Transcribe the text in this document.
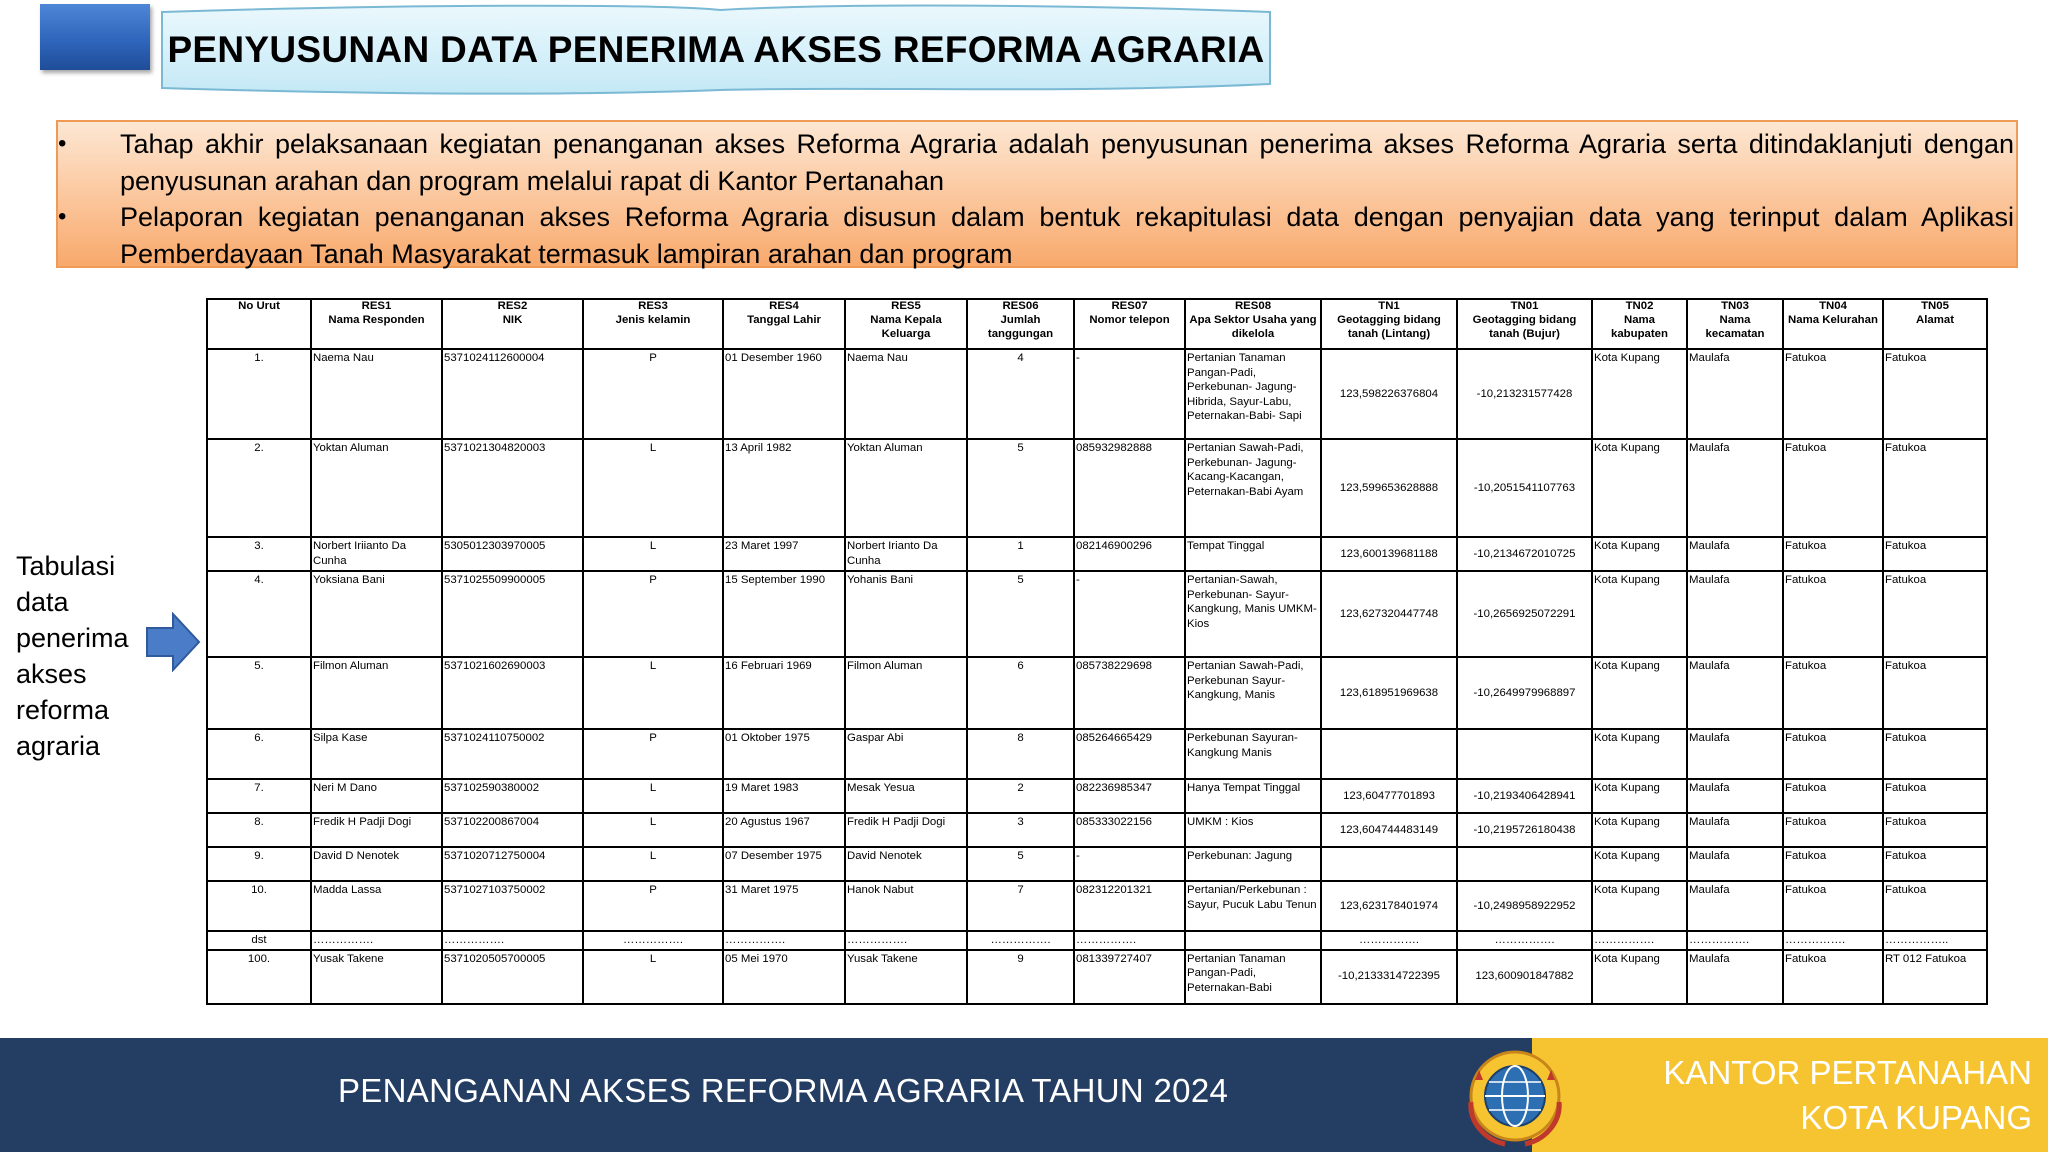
PENYUSUNAN DATA PENERIMA AKSES REFORMA AGRARIA
• Tahap akhir pelaksanaan kegiatan penanganan akses Reforma Agraria adalah penyusunan penerima akses Reforma Agraria serta ditindaklanjuti dengan penyusunan arahan dan program melalui rapat di Kantor Pertanahan
• Pelaporan kegiatan penanganan akses Reforma Agraria disusun dalam bentuk rekapitulasi data dengan penyajian data yang terinput dalam Aplikasi Pemberdayaan Tanah Masyarakat termasuk lampiran arahan dan program
Tabulasi data penerima akses reforma agraria
No Urut	RES1	RES2	RES3	RES4	RES5	RES06	RES07	RES08	TN1	TN01	TN02	TN03	TN04	TN05
	Nama Responden	NIK	Jenis kelamin	Tanggal Lahir	Nama Kepala Keluarga	Jumlah tanggungan	Nomor telepon	Apa Sektor Usaha yang dikelola	Geotagging bidang tanah (Lintang)	Geotagging bidang tanah (Bujur)	Nama kabupaten	Nama kecamatan	Nama Kelurahan	Alamat
1.	Naema Nau	5371024112600004	P	01 Desember 1960	Naema Nau	4	-	Pertanian Tanaman Pangan-Padi, Perkebunan- Jagung-Hibrida, Sayur-Labu, Peternakan-Babi- Sapi	123,598226376804	-10,213231577428	Kota Kupang	Maulafa	Fatukoa	Fatukoa
2.	Yoktan Aluman	5371021304820003	L	13 April 1982	Yoktan Aluman	5	085932982888	Pertanian Sawah-Padi, Perkebunan- Jagung-Kacang-Kacangan, Peternakan-Babi Ayam	123,599653628888	-10,2051541107763	Kota Kupang	Maulafa	Fatukoa	Fatukoa
3.	Norbert Iriianto Da Cunha	5305012303970005	L	23 Maret 1997	Norbert Irianto Da Cunha	1	082146900296	Tempat Tinggal	123,600139681188	-10,2134672010725	Kota Kupang	Maulafa	Fatukoa	Fatukoa
4.	Yoksiana Bani	5371025509900005	P	15 September 1990	Yohanis Bani	5	-	Pertanian-Sawah, Perkebunan- Sayur-Kangkung, Manis UMKM-Kios	123,627320447748	-10,2656925072291	Kota Kupang	Maulafa	Fatukoa	Fatukoa
5.	Filmon Aluman	5371021602690003	L	16 Februari 1969	Filmon Aluman	6	085738229698	Pertanian Sawah-Padi, Perkebunan Sayur-Kangkung, Manis	123,618951969638	-10,2649979968897	Kota Kupang	Maulafa	Fatukoa	Fatukoa
6.	Silpa Kase	5371024110750002	P	01 Oktober 1975	Gaspar Abi	8	085264665429	Perkebunan Sayuran-Kangkung Manis			Kota Kupang	Maulafa	Fatukoa	Fatukoa
7.	Neri M Dano	537102590380002	L	19 Maret 1983	Mesak Yesua	2	082236985347	Hanya Tempat Tinggal	123,60477701893	-10,2193406428941	Kota Kupang	Maulafa	Fatukoa	Fatukoa
8.	Fredik H Padji Dogi	537102200867004	L	20 Agustus 1967	Fredik H Padji Dogi	3	085333022156	UMKM : Kios	123,604744483149	-10,2195726180438	Kota Kupang	Maulafa	Fatukoa	Fatukoa
9.	David D Nenotek	5371020712750004	L	07 Desember 1975	David Nenotek	5	-	Perkebunan: Jagung			Kota Kupang	Maulafa	Fatukoa	Fatukoa
10.	Madda Lassa	5371027103750002	P	31 Maret 1975	Hanok Nabut	7	082312201321	Pertanian/Perkebunan : Sayur, Pucuk Labu Tenun	123,623178401974	-10,2498958922952	Kota Kupang	Maulafa	Fatukoa	Fatukoa
dst	…………….	…………….	…………….	…………….	…………….	…………….	…………….		…………….	…………….	…………….	…………….	…………….	……………..
100.	Yusak Takene	5371020505700005	L	05 Mei 1970	Yusak Takene	9	081339727407	Pertanian Tanaman Pangan-Padi, Peternakan-Babi	-10,2133314722395	123,600901847882	Kota Kupang	Maulafa	Fatukoa	RT 012 Fatukoa
PENANGANAN AKSES REFORMA AGRARIA TAHUN 2024	KANTOR PERTANAHAN
KOTA KUPANG
